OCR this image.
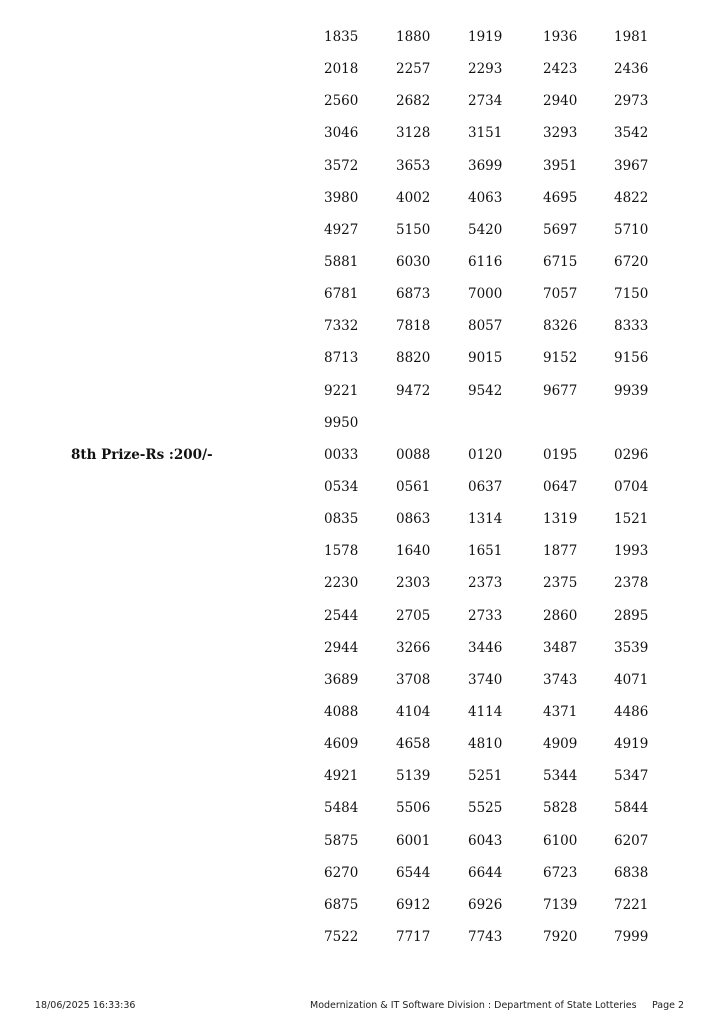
1835	1880	1919	1936	1981
2018	2257	2293	2423	2436
2560	2682	2734	2940	2973
3046	3128	3151	3293	3542
3572	3653	3699	3951	3967
3980	4002	4063	4695	4822
4927	5150	5420	5697	5710
5881	6030	6116	6715	6720
6781	6873	7000	7057	7150
7332	7818	8057	8326	8333
8713	8820	9015	9152	9156
9221	9472	9542	9677	9939
9950
8th Prize-Rs :200/-	0033	0088	0120	0195	0296
0534	0561	0637	0647	0704
0835	0863	1314	1319	1521
1578	1640	1651	1877	1993
2230	2303	2373	2375	2378
2544	2705	2733	2860	2895
2944	3266	3446	3487	3539
3689	3708	3740	3743	4071
4088	4104	4114	4371	4486
4609	4658	4810	4909	4919
4921	5139	5251	5344	5347
5484	5506	5525	5828	5844
5875	6001	6043	6100	6207
6270	6544	6644	6723	6838
6875	6912	6926	7139	7221
7522	7717	7743	7920	7999
18/06/2025 16:33:36	Modernization & IT Software Division : Department of State Lotteries Page 2
